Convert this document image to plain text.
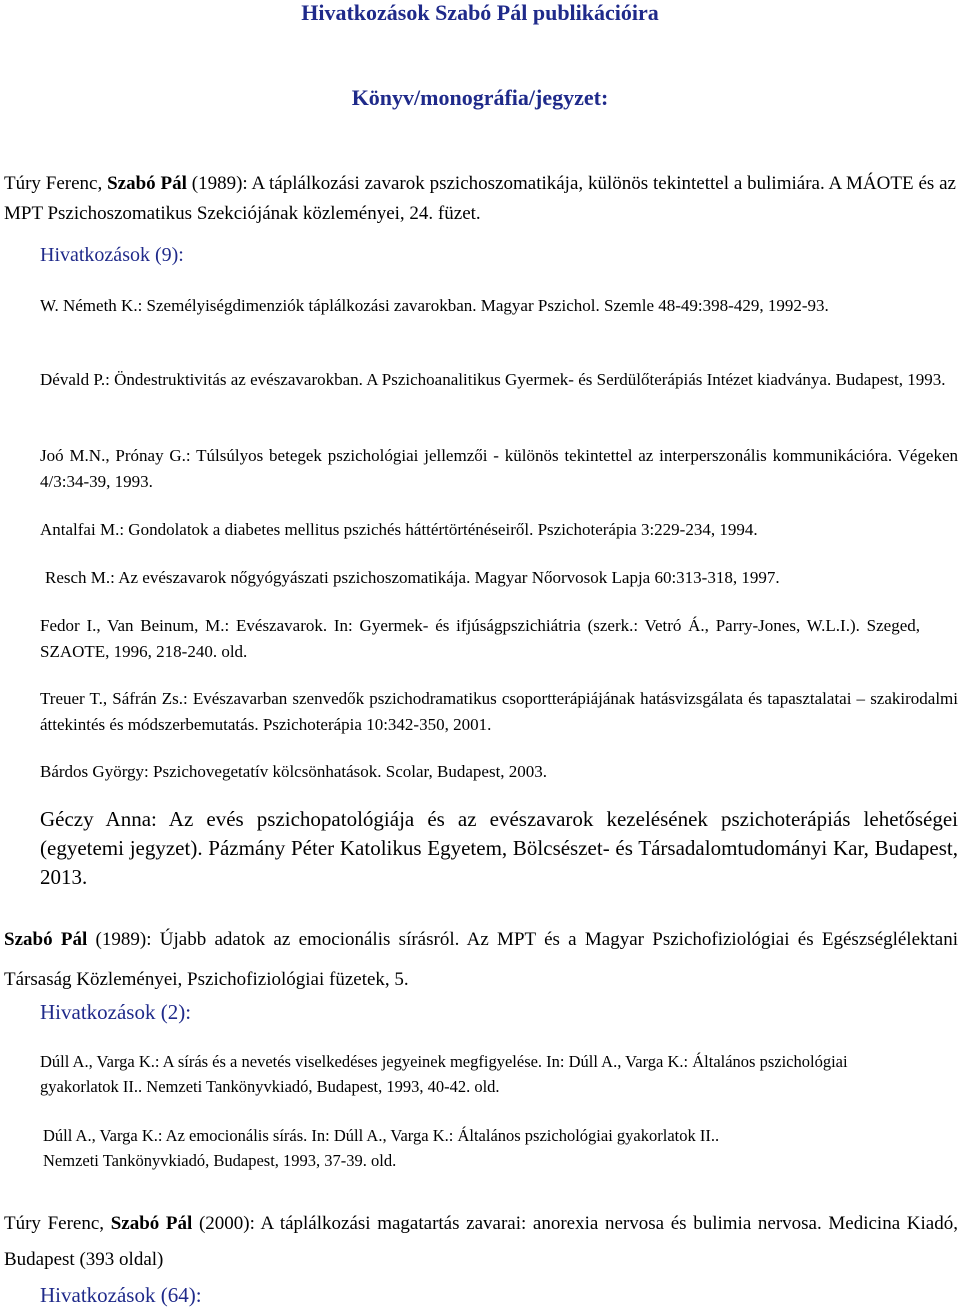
Hivatkozások Szabó Pál publikációira
Könyv/monográfia/jegyzet:
Túry Ferenc, Szabó Pál (1989): A táplálkozási zavarok pszichoszomatikája, különös tekintettel a bulimiára. A MÁOTE és az MPT Pszichoszomatikus Szekciójának közleményei, 24. füzet.
Hivatkozások (9):
W. Németh K.: Személyiségdimenziók táplálkozási zavarokban. Magyar Pszichol. Szemle 48-49:398-429, 1992-93.
Dévald P.: Öndestruktivitás az evészavarokban. A Pszichoanalitikus Gyermek- és Serdülőterápiás Intézet kiadványa. Budapest, 1993.
Joó M.N., Prónay G.: Túlsúlyos betegek pszichológiai jellemzői - különös tekintettel az interperszonális kommunikációra. Végeken 4/3:34-39, 1993.
Antalfai M.: Gondolatok a diabetes mellitus pszichés háttértörténéseiről. Pszichoterápia 3:229-234, 1994.
Resch M.: Az evészavarok nőgyógyászati pszichoszomatikája. Magyar Nőorvosok Lapja 60:313-318, 1997.
Fedor I., Van Beinum, M.: Evészavarok. In: Gyermek- és ifjúságpszichiátria (szerk.: Vetró Á., Parry-Jones, W.L.I.). Szeged, SZAOTE, 1996, 218-240. old.
Treuer T., Sáfrán Zs.: Evészavarban szenvedők pszichodramatikus csoportterápiájának hatásvizsgálata és tapasztalatai – szakirodalmi áttekintés és módszerbemutatás. Pszichoterápia 10:342-350, 2001.
Bárdos György: Pszichovegetatív kölcsönhatások. Scolar, Budapest, 2003.
Géczy Anna: Az evés pszichopatológiája és az evészavarok kezelésének pszichoterápiás lehetőségei (egyetemi jegyzet). Pázmány Péter Katolikus Egyetem, Bölcsészet- és Társadalomtudományi Kar, Budapest, 2013.
Szabó Pál (1989): Újabb adatok az emocionális sírásról. Az MPT és a Magyar Pszichofiziológiai és Egészséglélektani Társaság Közleményei, Pszichofiziológiai füzetek, 5.
Hivatkozások (2):
Dúll A., Varga K.: A sírás és a nevetés viselkedéses jegyeinek megfigyelése. In: Dúll A., Varga K.: Általános pszichológiai gyakorlatok II.. Nemzeti Tankönyvkiadó, Budapest, 1993, 40-42. old.
Dúll A., Varga K.: Az emocionális sírás. In: Dúll A., Varga K.: Általános pszichológiai gyakorlatok II.. Nemzeti Tankönyvkiadó, Budapest, 1993, 37-39. old.
Túry Ferenc, Szabó Pál (2000): A táplálkozási magatartás zavarai: anorexia nervosa és bulimia nervosa. Medicina Kiadó, Budapest (393 oldal)
Hivatkozások (64):
